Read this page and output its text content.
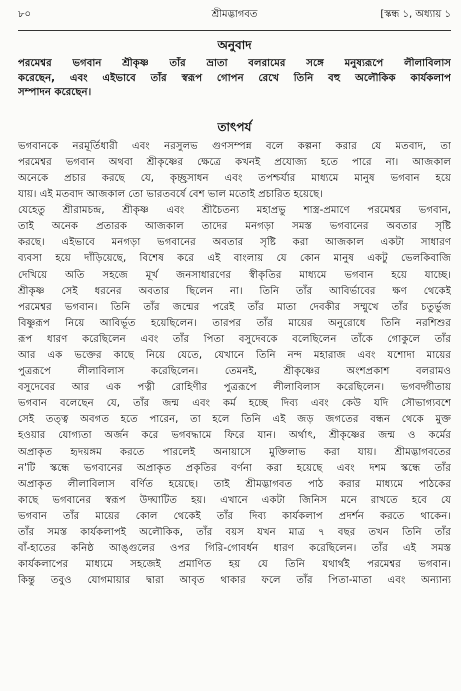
৮০	শ্রীমদ্ভাগবত	[স্কন্ধ ১, অধ্যায় ১
অনুবাদ
পরমেশ্বর ভগবান শ্রীকৃষ্ণ তাঁর ভ্রাতা বলরামের সঙ্গে মনুষ্যরূপে লীলাবিলাস
করেছেন, এবং এইভাবে তাঁর স্বরূপ গোপন রেখে তিনি বহু অলৌকিক কার্যকলাপ
সম্পাদন করেছেন।
তাৎপর্য
ভগবানকে নরমূর্তিধারী এবং নরসুলভ গুণসম্পন্ন বলে কল্পনা করার যে মতবাদ, তা
পরমেশ্বর ভগবান অথবা শ্রীকৃষ্ণের ক্ষেত্রে কখনই প্রযোজ্য হতে পারে না। আজকাল
অনেকে প্রচার করছে যে, কৃচ্ছ্রসাধন এবং তপশ্চর্যার মাধ্যমে মানুষ ভগবান হয়ে
যায়। এই মতবাদ আজকাল তো ভারতবর্ষে বেশ ভাল মতোই প্রচারিত হয়েছে।
যেহেতু শ্রীরামচন্দ্র, শ্রীকৃষ্ণ এবং শ্রীচৈতন্য মহাপ্রভু শাস্ত্র-প্রমাণে পরমেশ্বর ভগবান,
তাই অনেক প্রতারক আজকাল তাদের মনগড়া সমস্ত ভগবানের অবতার সৃষ্টি
করছে। এইভাবে মনগড়া ভগবানের অবতার সৃষ্টি করা আজকাল একটা সাধারণ
ব্যবসা হয়ে দাঁড়িয়েছে, বিশেষ করে এই বাংলায় যে কোন মানুষ একটু ভেলকিবাজি
দেখিয়ে অতি সহজে মূর্খ জনসাধারণের স্বীকৃতির মাধ্যমে ভগবান হয়ে যাচ্ছে।
শ্রীকৃষ্ণ সেই ধরনের অবতার ছিলেন না। তিনি তাঁর আবির্ভাবের ক্ষণ থেকেই
পরমেশ্বর ভগবান। তিনি তাঁর জন্মের পরেই তাঁর মাতা দেবকীর সম্মুখে তাঁর চতুর্ভুজ
বিষ্ণুরূপ নিয়ে আবির্ভূত হয়েছিলেন। তারপর তাঁর মায়ের অনুরোধে তিনি নরশিশুর
রূপ ধারণ করেছিলেন এবং তাঁর পিতা বসুদেবকে বলেছিলেন তাঁকে গোকুলে তাঁর
আর এক ভক্তের কাছে নিয়ে যেতে, যেখানে তিনি নন্দ মহারাজ এবং যশোদা মায়ের
পুত্ররূপে লীলাবিলাস করেছিলেন। তেমনই, শ্রীকৃষ্ণের অংশপ্রকাশ বলরামও
বসুদেবের আর এক পত্নী রোহিণীর পুত্ররূপে লীলাবিলাস করেছিলেন। ভগবদ্গীতায়
ভগবান বলেছেন যে, তাঁর জন্ম এবং কর্ম হচ্ছে দিব্য এবং কেউ যদি সৌভাগ্যবশে
সেই তত্ত্ব অবগত হতে পারেন, তা হলে তিনি এই জড় জগতের বন্ধন থেকে মুক্ত
হওয়ার যোগ্যতা অর্জন করে ভগবদ্ধামে ফিরে যান। অর্থাৎ, শ্রীকৃষ্ণের জন্ম ও কর্মের
অপ্রাকৃত হৃদয়ঙ্গম করতে পারলেই অনায়াসে মুক্তিলাভ করা যায়। শ্রীমদ্ভাগবতের
ন'টি স্কন্ধে ভগবানের অপ্রাকৃত প্রকৃতির বর্ণনা করা হয়েছে এবং দশম স্কন্ধে তাঁর
অপ্রাকৃত লীলাবিলাস বর্ণিত হয়েছে। তাই শ্রীমদ্ভাগবত পাঠ করার মাধ্যমে পাঠকের
কাছে ভগবানের স্বরূপ উদ্ঘাটিত হয়। এখানে একটা জিনিস মনে রাখতে হবে যে
ভগবান তাঁর মায়ের কোল থেকেই তাঁর দিব্য কার্যকলাপ প্রদর্শন করতে থাকেন।
তাঁর সমস্ত কার্যকলাপই অলৌকিক, তাঁর বয়স যখন মাত্র ৭ বছর তখন তিনি তাঁর
বাঁ-হাতের কনিষ্ঠ আঙ্গুলের ওপর গিরি-গোবর্ধন ধারণ করেছিলেন। তাঁর এই সমস্ত
কার্যকলাপের মাধ্যমে সহজেই প্রমাণিত হয় যে তিনি যথার্থই পরমেশ্বর ভগবান।
কিন্তু তবুও যোগমায়ার দ্বারা আবৃত থাকার ফলে তাঁর পিতা-মাতা এবং অন্যান্য
